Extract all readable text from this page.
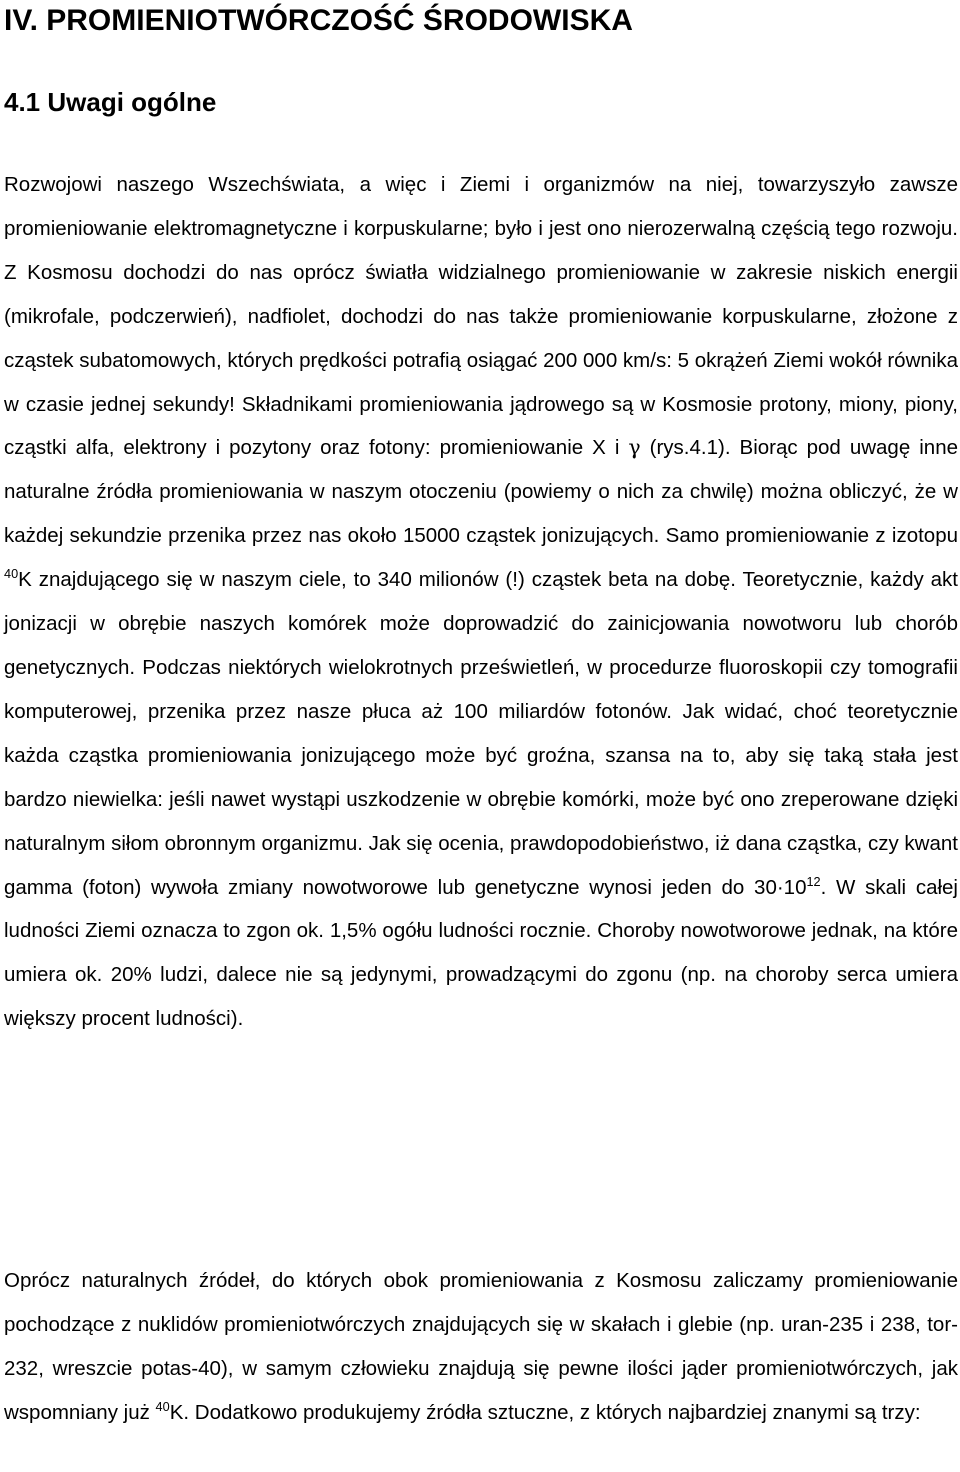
IV. PROMIENIOTWÓRCZOŚĆ ŚRODOWISKA
4.1 Uwagi ogólne

Rozwojowi naszego Wszechświata, a więc i Ziemi i organizmów na niej, towarzyszyło zawsze promieniowanie elektromagnetyczne i korpuskularne; było i jest ono nierozerwalną częścią tego rozwoju. Z Kosmosu dochodzi do nas oprócz światła widzialnego promieniowanie w zakresie niskich energii (mikrofale, podczerwień), nadfiolet, dochodzi do nas także promieniowanie korpuskularne, złożone z cząstek subatomowych, których prędkości potrafią osiągać 200 000 km/s: 5 okrążeń Ziemi wokół równika w czasie jednej sekundy! Składnikami promieniowania jądrowego są w Kosmosie protony, miony, piony, cząstki alfa, elektrony i pozytony oraz fotony: promieniowanie X i γ (rys.4.1). Biorąc pod uwagę inne naturalne źródła promieniowania w naszym otoczeniu (powiemy o nich za chwilę) można obliczyć, że w każdej sekundzie przenika przez nas około 15000 cząstek jonizujących. Samo promieniowanie z izotopu $^{40}$K znajdującego się w naszym ciele, to 340 milionów (!) cząstek beta na dobę. Teoretycznie, każdy akt jonizacji w obrębie naszych komórek może doprowadzić do zainicjowania nowotworu lub chorób genetycznych. Podczas niektórych wielokrotnych prześwietleń, w procedurze fluoroskopii czy tomografii komputerowej, przenika przez nasze płuca aż 100 miliardów fotonów. Jak widać, choć teoretycznie każda cząstka promieniowania jonizującego może być groźna, szansa na to, aby się taką stała jest bardzo niewielka: jeśli nawet wystąpi uszkodzenie w obrębie komórki, może być ono zreperowane dzięki naturalnym siłom obronnym organizmu. Jak się ocenia, prawdopodobieństwo, iż dana cząstka, czy kwant gamma (foton) wywoła zmiany nowotworowe lub genetyczne wynosi jeden do $30\cdot 10^{12}$. W skali całej ludności Ziemi oznacza to zgon ok. 1,5% ogółu ludności rocznie. Choroby nowotworowe jednak, na które umiera ok. 20% ludzi, dalece nie są jedynymi, prowadzącymi do zgonu (np. na choroby serca umiera większy procent ludności).

Oprócz naturalnych źródeł, do których obok promieniowania z Kosmosu zaliczamy promieniowanie pochodzące z nuklidów promieniotwórczych znajdujących się w skałach i glebie (np. uran-235 i 238, tor-232, wreszcie potas-40), w samym człowieku znajdują się pewne ilości jąder promieniotwórczych, jak wspomniany już $^{40}$K. Dodatkowo produkujemy źródła sztuczne, z których najbardziej znanymi są trzy:
